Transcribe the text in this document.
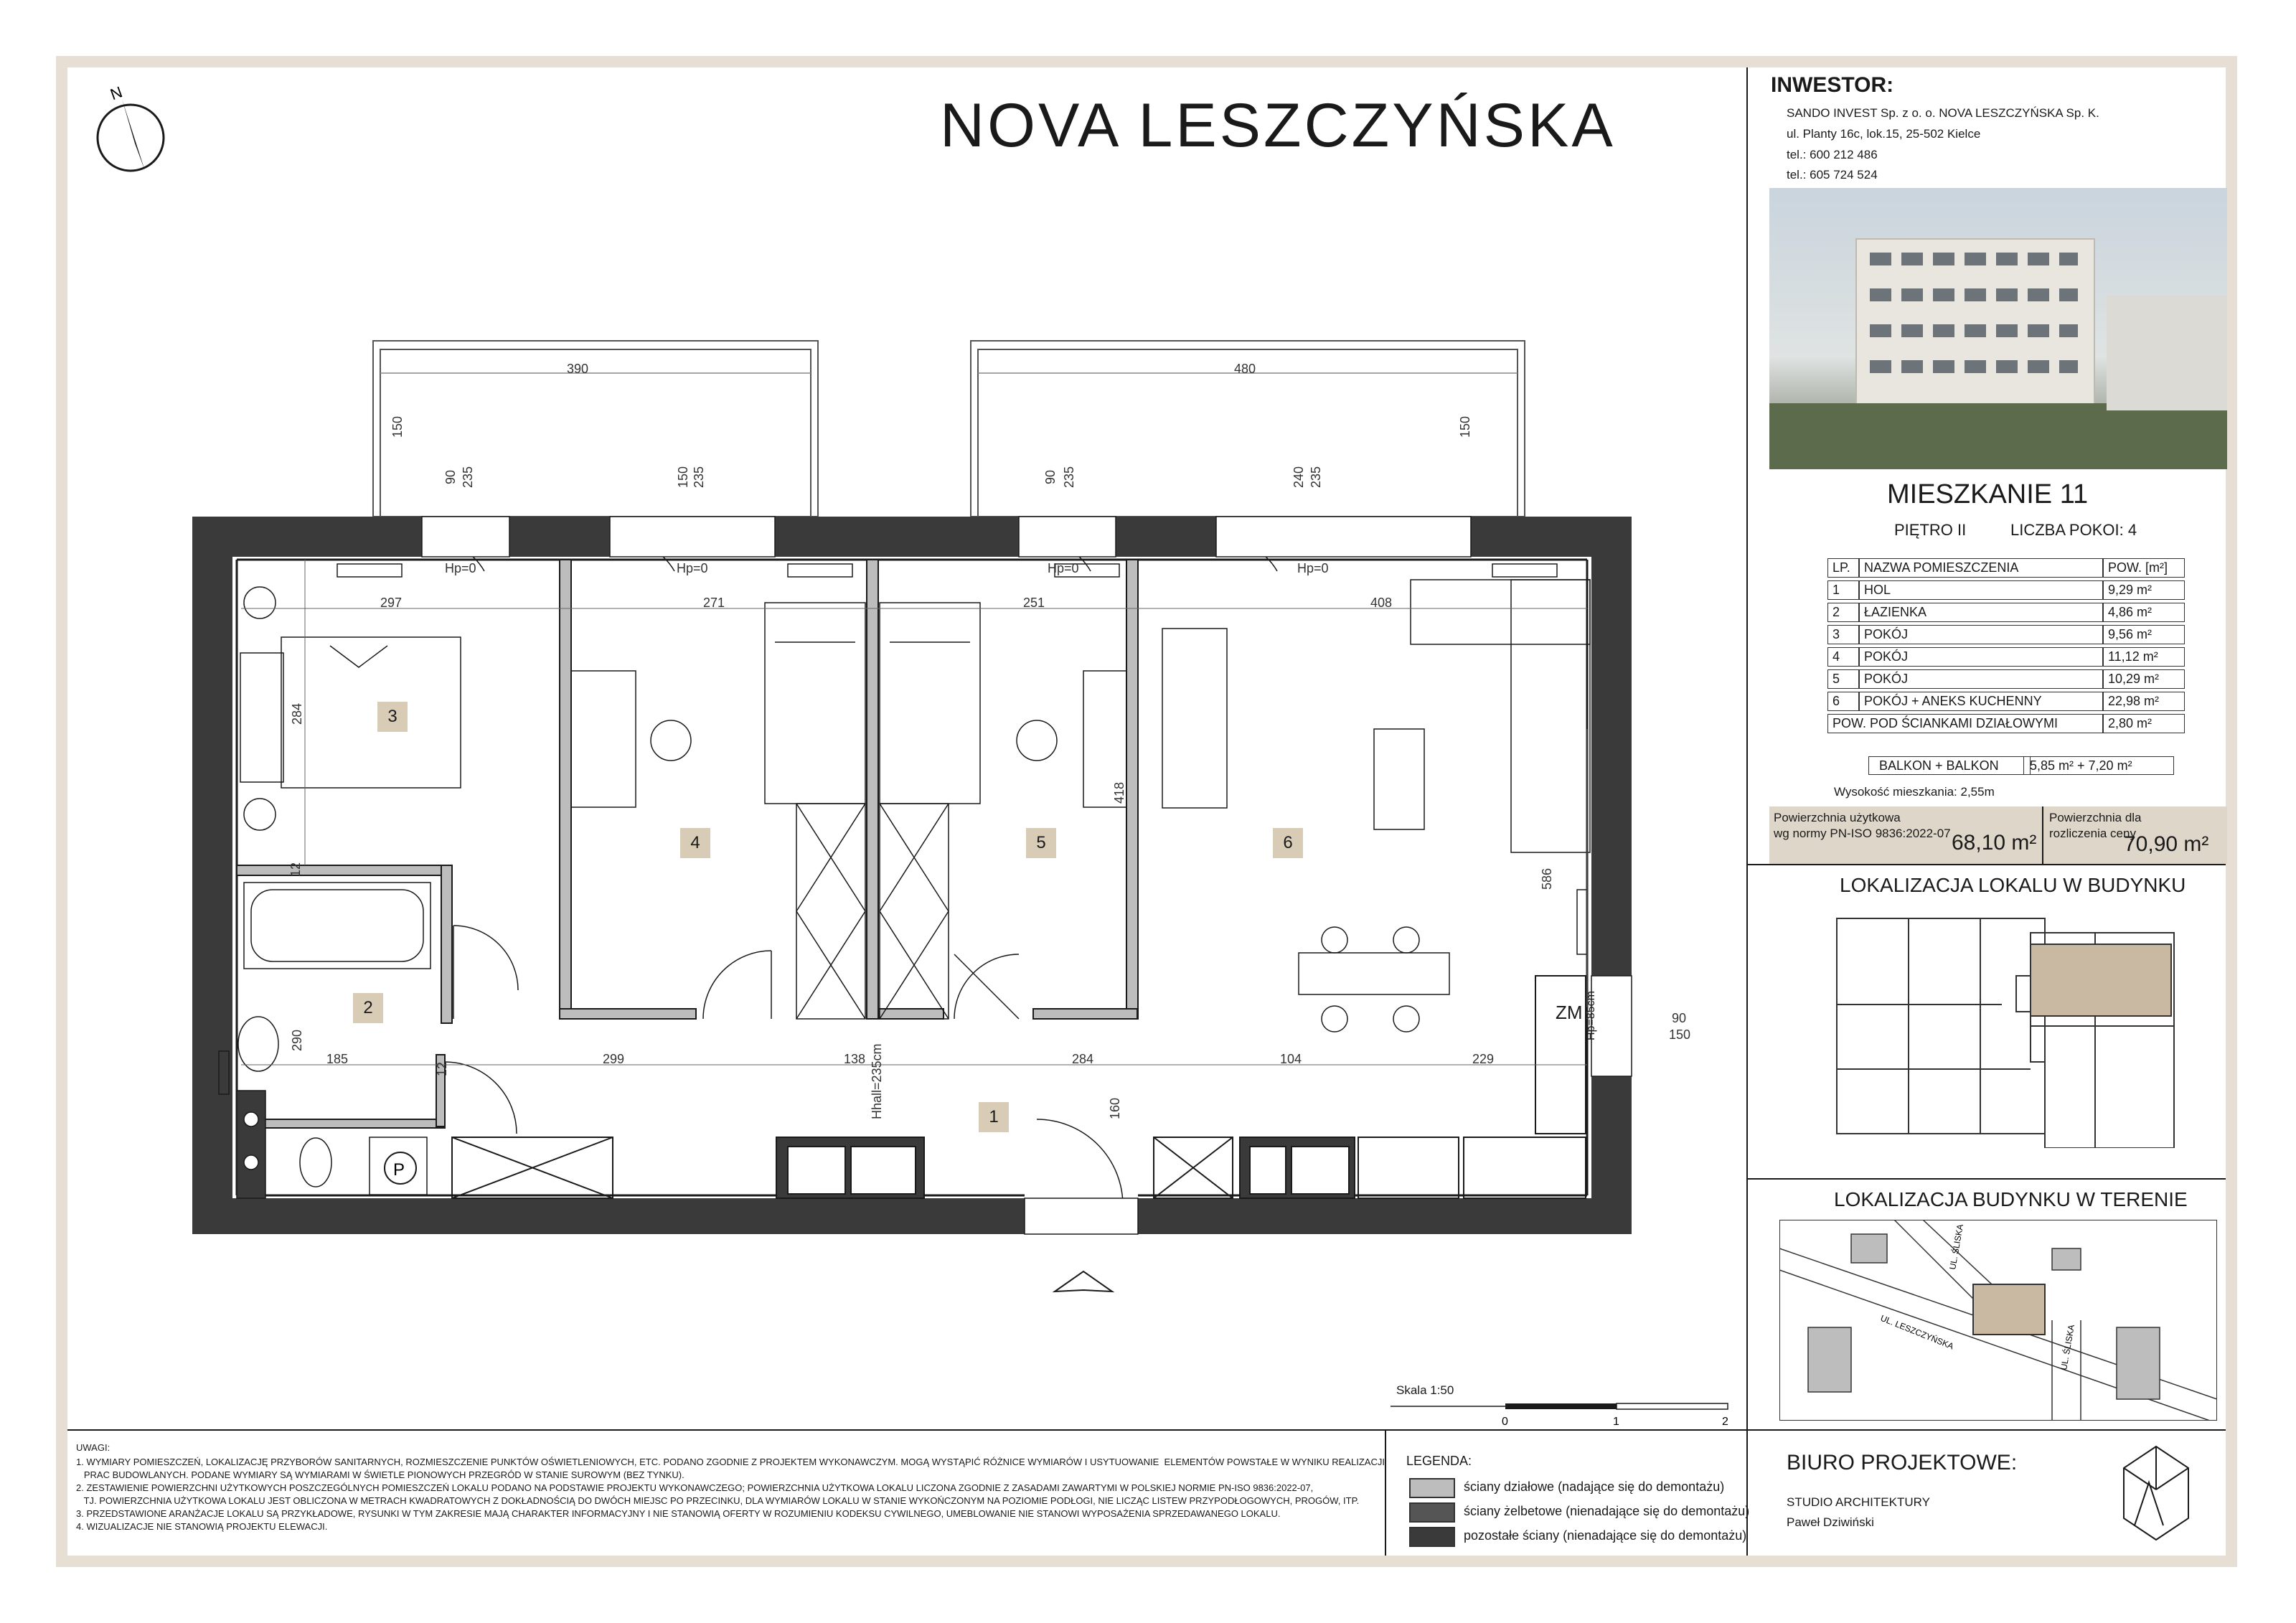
N	NOVA LESZCZYŃSKA
390	480
150	150
90 235	150 235	90 235	240 235
Hp=0	Hp=0	Hp=0	Hp=0
297	271	251	408
284
290
586
418
185	299	138	284	104	229
90
150
160
Hhall=235cm
12
12
ZM Hp=85cm
P
1
2
3
4	5	6
INWESTOR:
SANDO INVEST Sp. z o. o. NOVA LESZCZYŃSKA Sp. K.
ul. Planty 16c, lok.15, 25-502 Kielce
tel.: 600 212 486
tel.: 605 724 524
MIESZKANIE 11
PIĘTRO II	LICZBA POKOI: 4
LP.	NAZWA POMIESZCZENIA	POW. [m²]
1	HOL	9,29 m²
2	ŁAZIENKA	4,86 m²
3	POKÓJ	9,56 m²
4	POKÓJ	11,12 m²
5	POKÓJ	10,29 m²
6	POKÓJ + ANEKS KUCHENNY	22,98 m²
POW. POD ŚCIANKAMI DZIAŁOWYMI		2,80 m²
BALKON + BALKON	5,85 m² + 7,20 m²
Wysokość mieszkania: 2,55m
Powierzchnia użytkowa
wg normy PN-ISO 9836:2022-07 68,10 m²
Powierzchnia dla
rozliczenia ceny
70,90 m²
LOKALIZACJA LOKALU W BUDYNKU
LOKALIZACJA BUDYNKU W TERENIE
UL. LESZCZYŃSKA
UL. ŚLISKA
UL. ŚLISKA
BIURO PROJEKTOWE:
STUDIO ARCHITEKTURY
Paweł Dziwiński
Skala 1:50
0	1	2
LEGENDA:
ściany działowe (nadające się do demontażu)
ściany żelbetowe (nienadające się do demontażu)
pozostałe ściany (nienadające się do demontażu)
UWAGI:
1. WYMIARY POMIESZCZEŃ, LOKALIZACJĘ PRZYBORÓW SANITARNYCH, ROZMIESZCZENIE PUNKTÓW OŚWIETLENIOWYCH, ETC. PODANO ZGODNIE Z PROJEKTEM WYKONAWCZYM. MOGĄ WYSTĄPIĆ RÓŻNICE WYMIARÓW I USYTUOWANIE  ELEMENTÓW POWSTAŁE W WYNIKU REALIZACJI
PRAC BUDOWLANYCH. PODANE WYMIARY SĄ WYMIARAMI W ŚWIETLE PIONOWYCH PRZEGRÓD W STANIE SUROWYM (BEZ TYNKU).
2. ZESTAWIENIE POWIERZCHNI UŻYTKOWYCH POSZCZEGÓLNYCH POMIESZCZEŃ LOKALU PODANO NA PODSTAWIE PROJEKTU WYKONAWCZEGO; POWIERZCHNIA UŻYTKOWA LOKALU LICZONA ZGODNIE Z ZASADAMI ZAWARTYMI W POLSKIEJ NORMIE PN-ISO 9836:2022-07,
TJ. POWIERZCHNIA UŻYTKOWA LOKALU JEST OBLICZONA W METRACH KWADRATOWYCH Z DOKŁADNOŚCIĄ DO DWÓCH MIEJSC PO PRZECINKU, DLA WYMIARÓW LOKALU W STANIE WYKOŃCZONYM NA POZIOMIE PODŁOGI, NIE LICZĄC LISTEW PRZYPODŁOGOWYCH, PROGÓW, ITP.
3. PRZEDSTAWIONE ARANŻACJE LOKALU SĄ PRZYKŁADOWE, RYSUNKI W TYM ZAKRESIE MAJĄ CHARAKTER INFORMACYJNY I NIE STANOWIĄ OFERTY W ROZUMIENIU KODEKSU CYWILNEGO, UMEBLOWANIE NIE STANOWI WYPOSAŻENIA SPRZEDAWANEGO LOKALU.
4. WIZUALIZACJE NIE STANOWIĄ PROJEKTU ELEWACJI.
